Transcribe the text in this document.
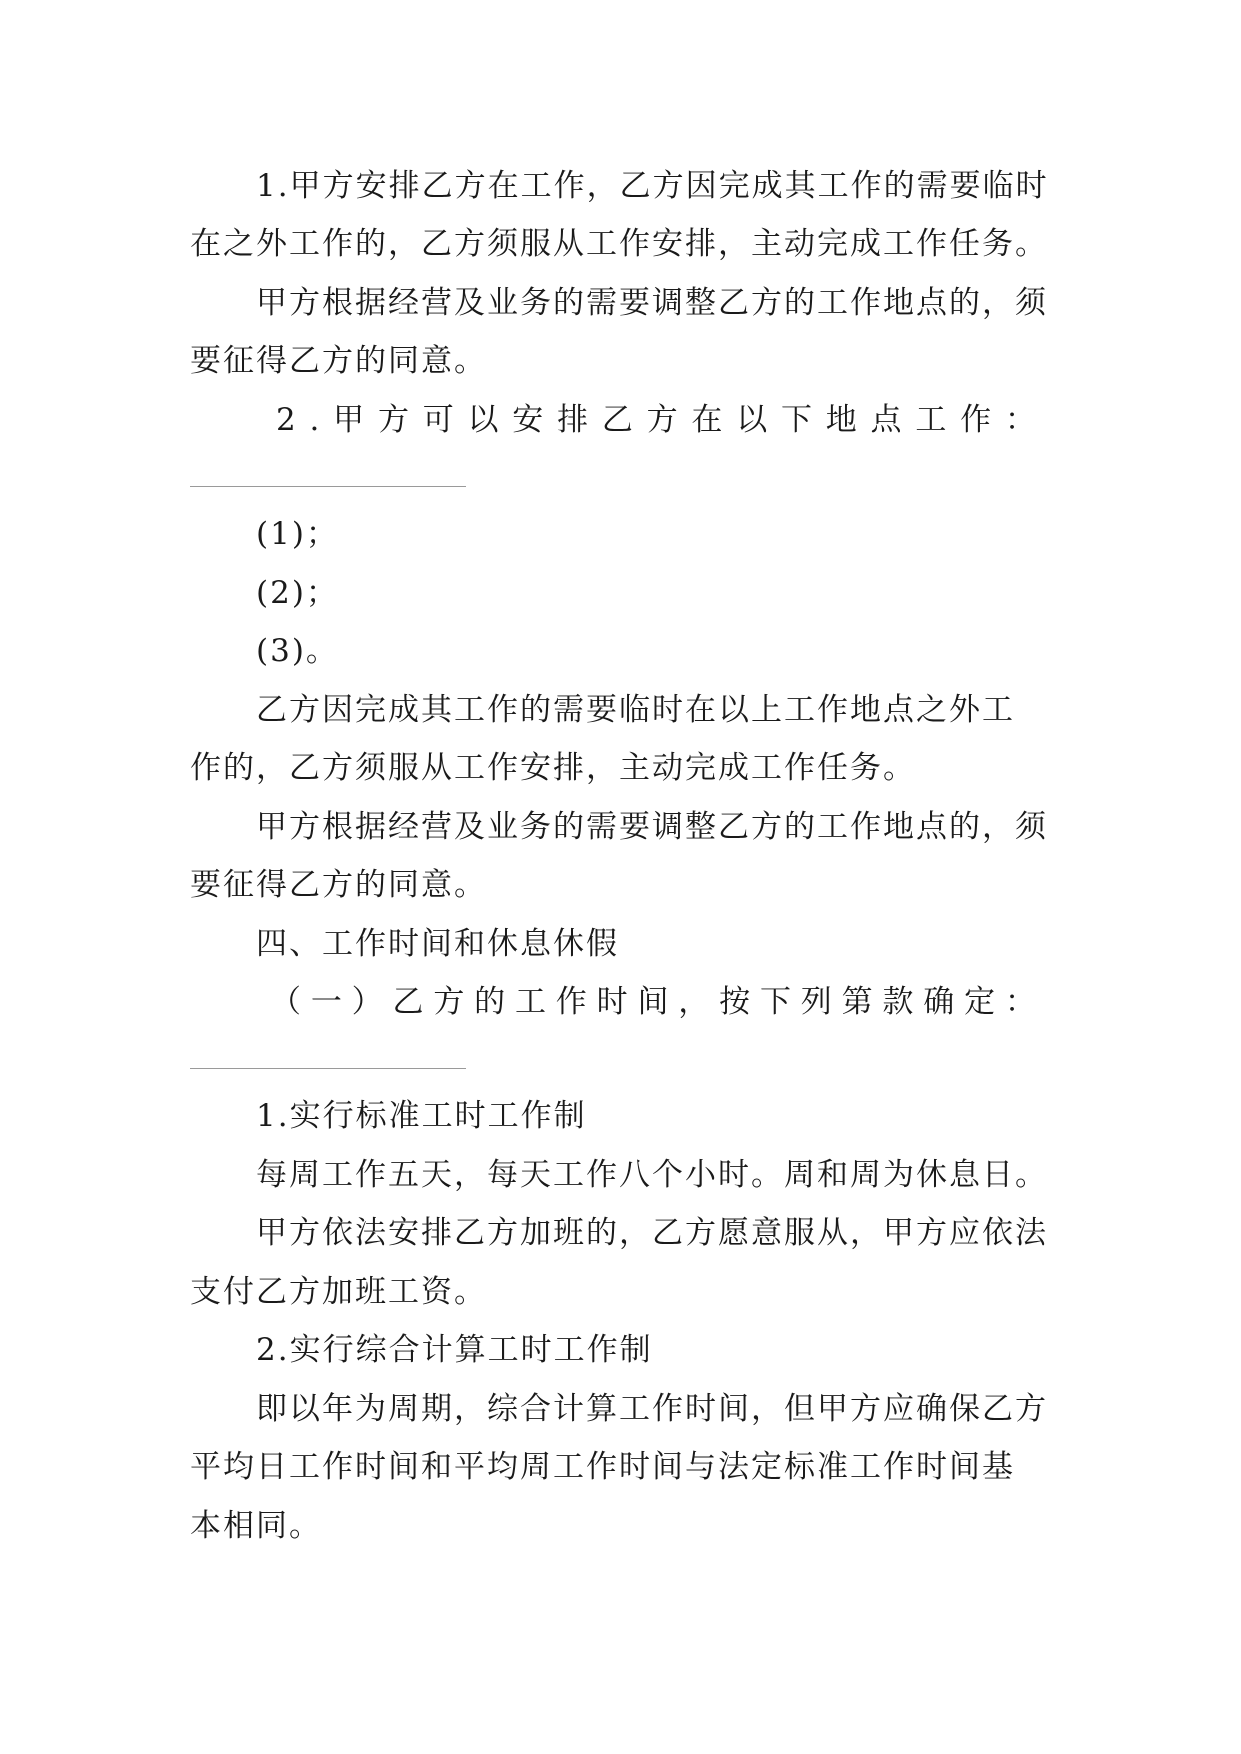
1.甲方安排乙方在工作，乙方因完成其工作的需要临时
在之外工作的，乙方须服从工作安排，主动完成工作任务。
甲方根据经营及业务的需要调整乙方的工作地点的，须
要征得乙方的同意。
2 . 甲 方 可 以 安 排 乙 方 在 以 下 地 点 工 作 ：
(1)；
(2)；
(3)。
乙方因完成其工作的需要临时在以上工作地点之外工
作的，乙方须服从工作安排，主动完成工作任务。
甲方根据经营及业务的需要调整乙方的工作地点的，须
要征得乙方的同意。
四、工作时间和休息休假
（ 一 ） 乙 方 的 工 作 时 间 ， 按 下 列 第 款 确 定 ：
1.实行标准工时工作制
每周工作五天，每天工作八个小时。周和周为休息日。
甲方依法安排乙方加班的，乙方愿意服从，甲方应依法
支付乙方加班工资。
2.实行综合计算工时工作制
即以年为周期，综合计算工作时间，但甲方应确保乙方
平均日工作时间和平均周工作时间与法定标准工作时间基
本相同。
